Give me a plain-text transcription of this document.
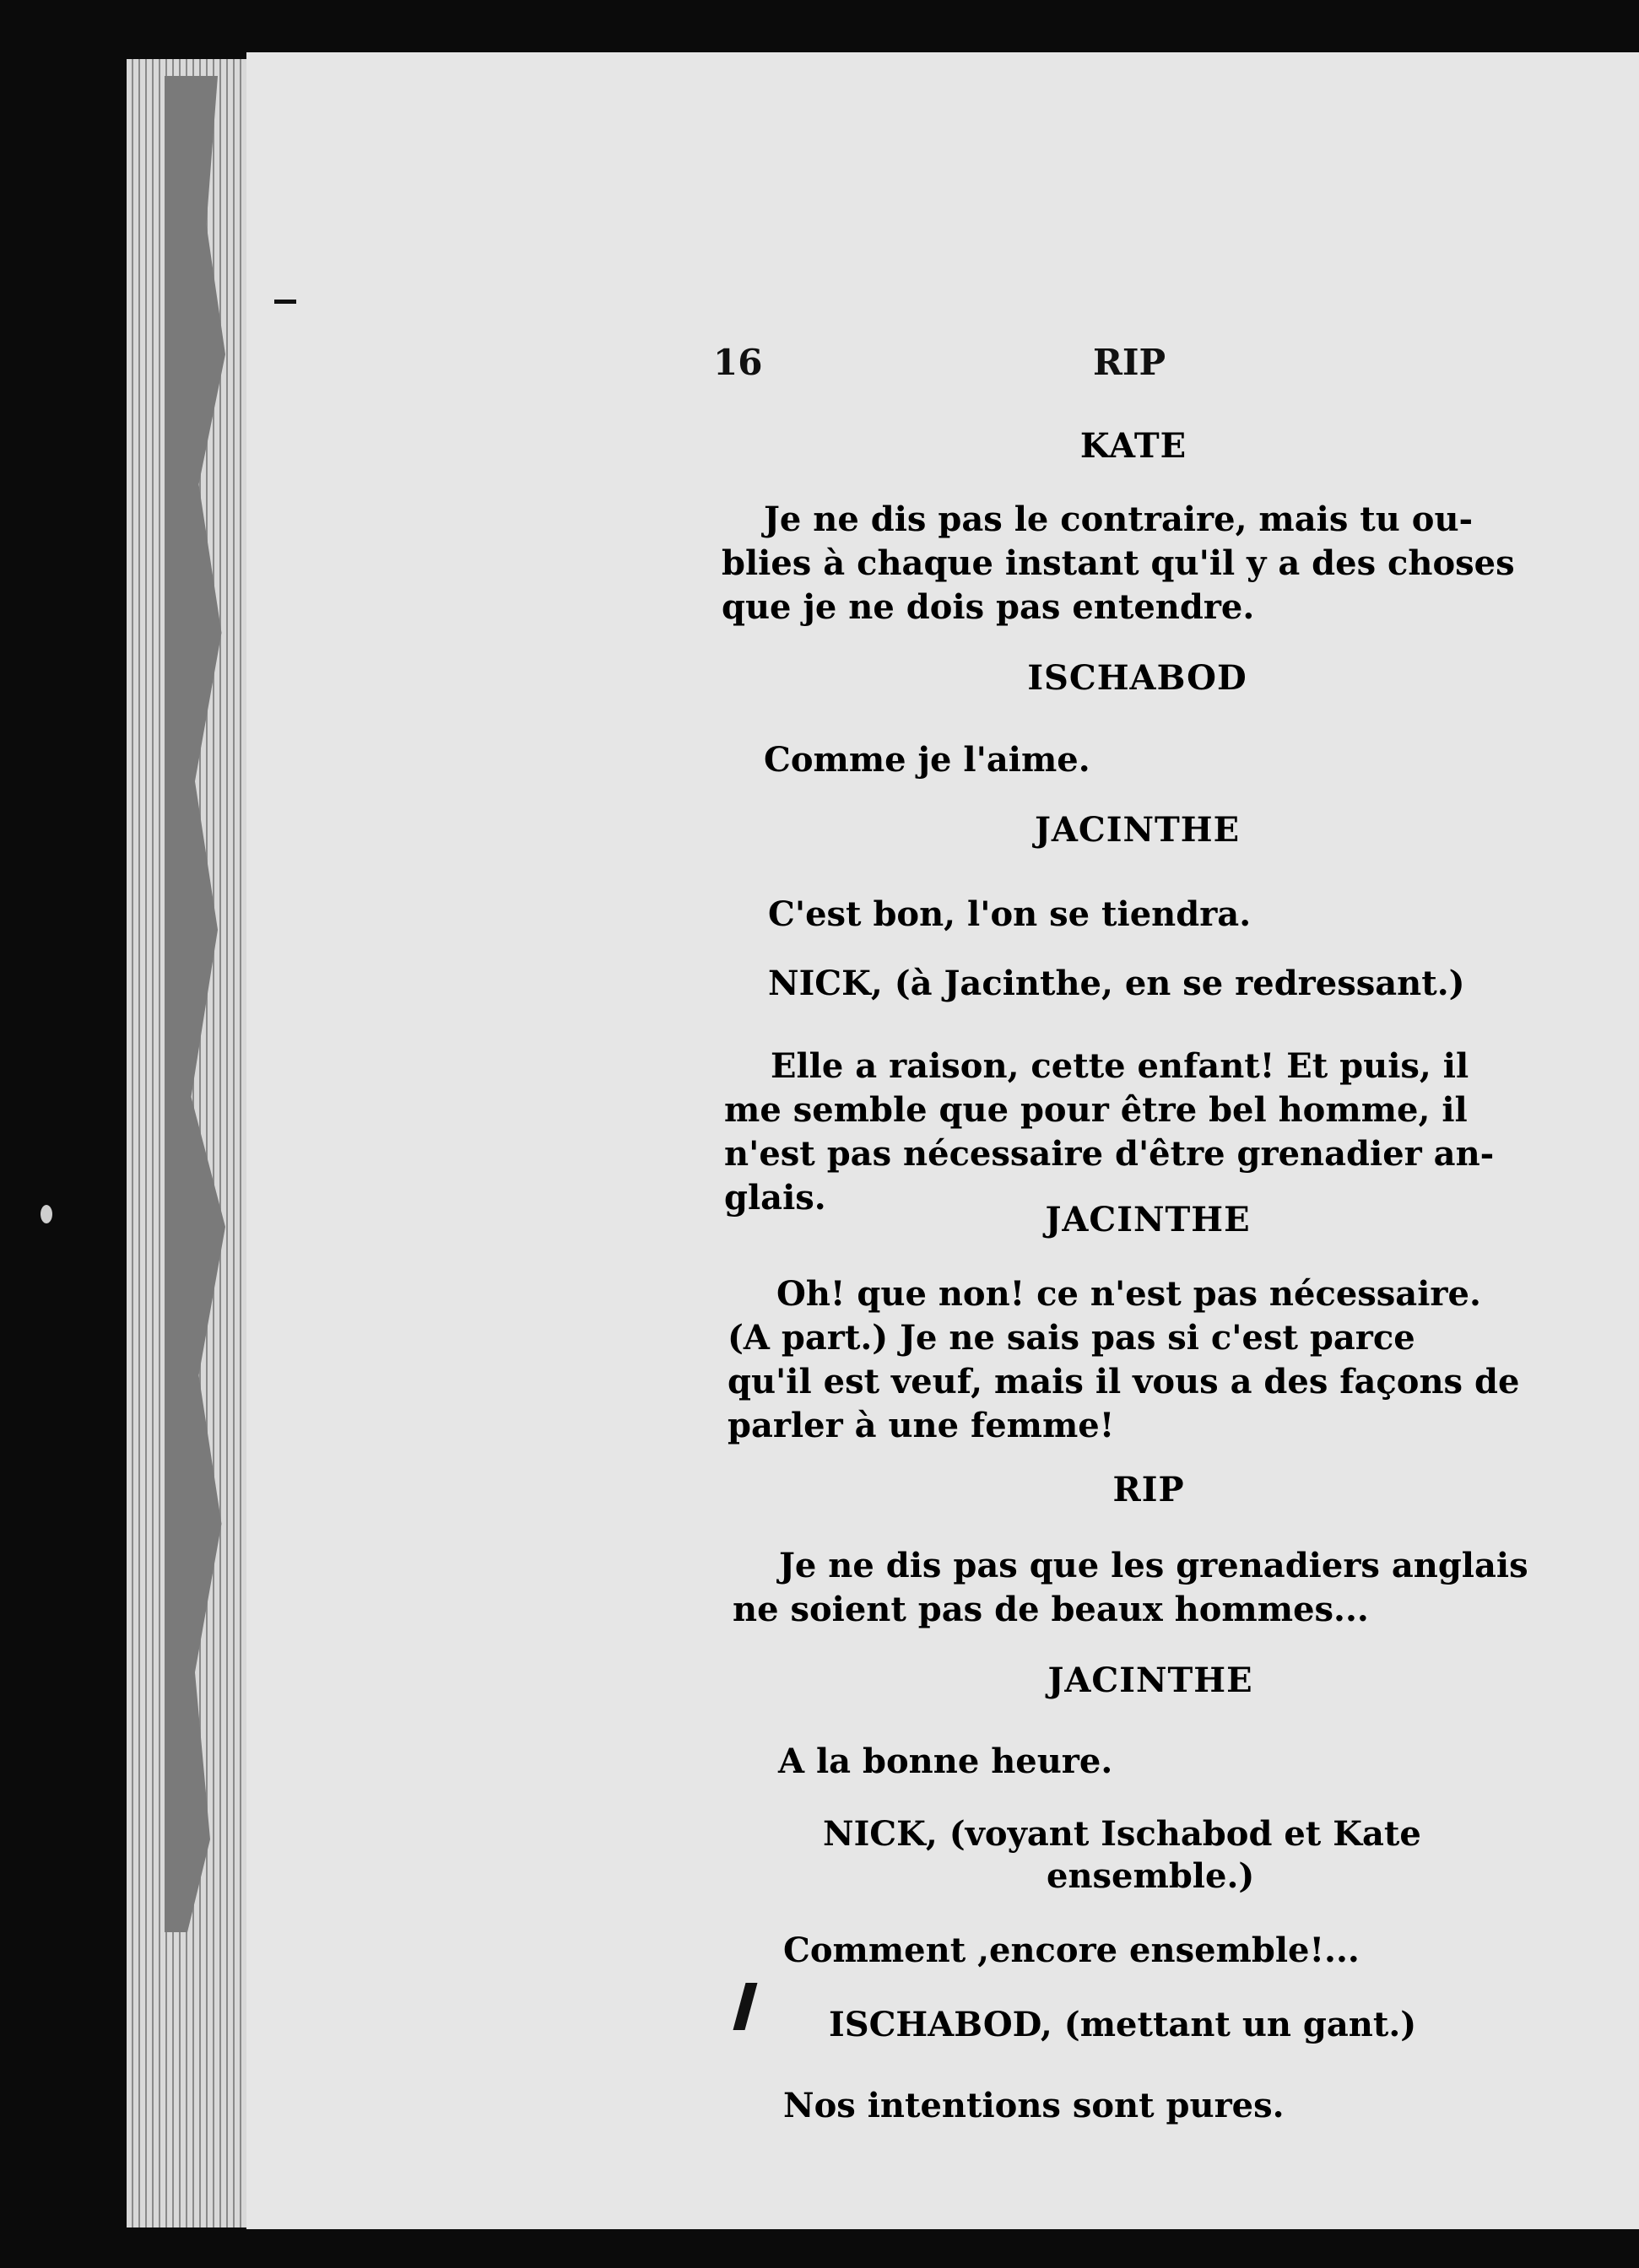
16	RIP
KATE
Je ne dis pas le contraire, mais tu ou-
blies à chaque instant qu'il y a des choses
que je ne dois pas entendre.
ISCHABOD
Comme je l'aime.
JACINTHE
C'est bon, l'on se tiendra.
NICK, (à Jacinthe, en se redressant.)
Elle a raison, cette enfant! Et puis, il
me semble que pour être bel homme, il
n'est pas nécessaire d'être grenadier an-
glais.
JACINTHE
Oh! que non! ce n'est pas nécessaire.
(A part.) Je ne sais pas si c'est parce
qu'il est veuf, mais il vous a des façons de
parler à une femme!
RIP
Je ne dis pas que les grenadiers anglais
ne soient pas de beaux hommes...
JACINTHE
A la bonne heure.
NICK, (voyant Ischabod et Kate
ensemble.)
Comment ,encore ensemble!...
ISCHABOD, (mettant un gant.)
Nos intentions sont pures.
